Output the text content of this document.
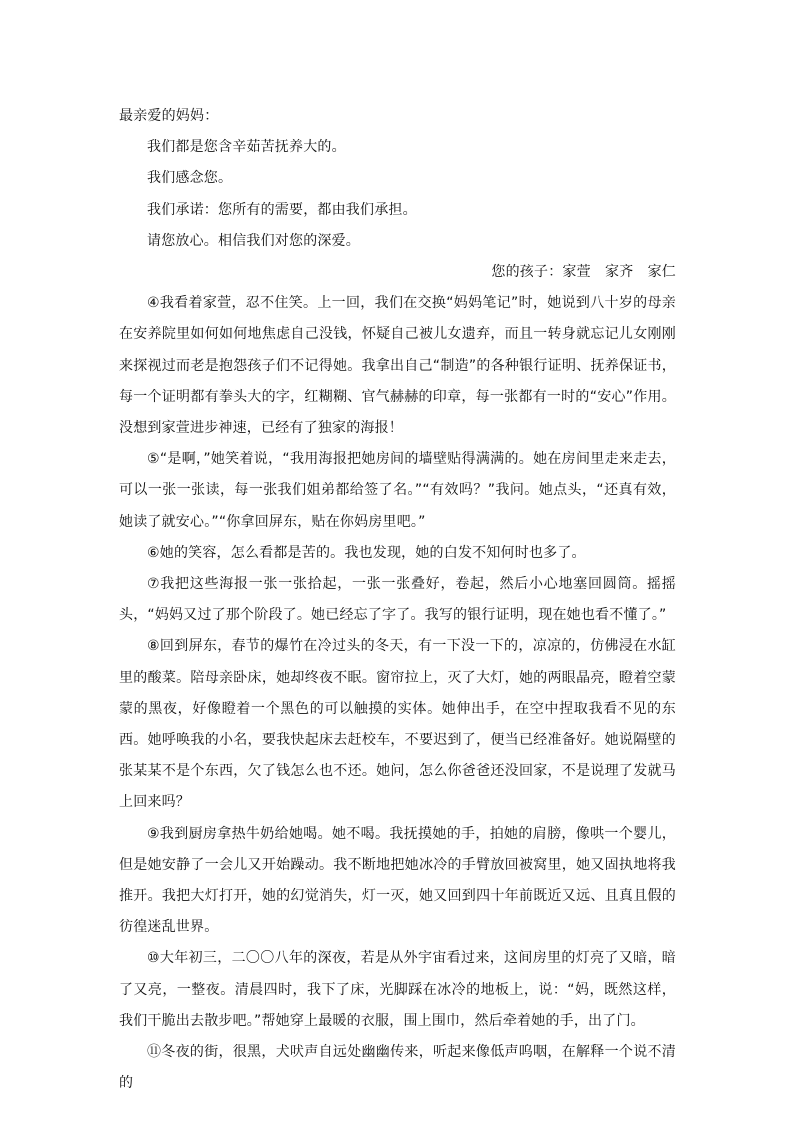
最亲爱的妈妈：

我们都是您含辛茹苦抚养大的。

我们感念您。

我们承诺：您所有的需要，都由我们承担。

请您放心。相信我们对您的深爱。

您的孩子：家萱　家齐　家仁

④我看着家萱，忍不住笑。上一回，我们在交换“妈妈笔记”时，她说到八十岁的母亲在安养院里如何如何地焦虑自己没钱，怀疑自己被儿女遗弃，而且一转身就忘记儿女刚刚来探视过而老是抱怨孩子们不记得她。我拿出自己“制造”的各种银行证明、抚养保证书，每一个证明都有拳头大的字，红糊糊、官气赫赫的印章，每一张都有一时的“安心”作用。没想到家萱进步神速，已经有了独家的海报！

⑤“是啊，”她笑着说，“我用海报把她房间的墙壁贴得满满的。她在房间里走来走去，可以一张一张读，每一张我们姐弟都给签了名。”“有效吗？”我问。她点头，“还真有效，她读了就安心。”“你拿回屏东，贴在你妈房里吧。”

⑥她的笑容，怎么看都是苦的。我也发现，她的白发不知何时也多了。

⑦我把这些海报一张一张拾起，一张一张叠好，卷起，然后小心地塞回圆筒。摇摇头，“妈妈又过了那个阶段了。她已经忘了字了。我写的银行证明，现在她也看不懂了。”

⑧回到屏东，春节的爆竹在冷过头的冬天，有一下没一下的，凉凉的，仿佛浸在水缸里的酸菜。陪母亲卧床，她却终夜不眠。窗帘拉上，灭了大灯，她的两眼晶亮，瞪着空蒙蒙的黑夜，好像瞪着一个黑色的可以触摸的实体。她伸出手，在空中捏取我看不见的东西。她呼唤我的小名，要我快起床去赶校车，不要迟到了，便当已经准备好。她说隔壁的张某某不是个东西，欠了钱怎么也不还。她问，怎么你爸爸还没回家，不是说理了发就马上回来吗？

⑨我到厨房拿热牛奶给她喝。她不喝。我抚摸她的手，拍她的肩膀，像哄一个婴儿，但是她安静了一会儿又开始躁动。我不断地把她冰冷的手臂放回被窝里，她又固执地将我推开。我把大灯打开，她的幻觉消失，灯一灭，她又回到四十年前既近又远、且真且假的彷徨迷乱世界。

⑩大年初三，二〇〇八年的深夜，若是从外宇宙看过来，这间房里的灯亮了又暗，暗了又亮，一整夜。清晨四时，我下了床，光脚踩在冰冷的地板上，说：“妈，既然这样，我们干脆出去散步吧。”帮她穿上最暖的衣服，围上围巾，然后牵着她的手，出了门。

⑪冬夜的街，很黑，犬吠声自远处幽幽传来，听起来像低声呜咽，在解释一个说不清的
